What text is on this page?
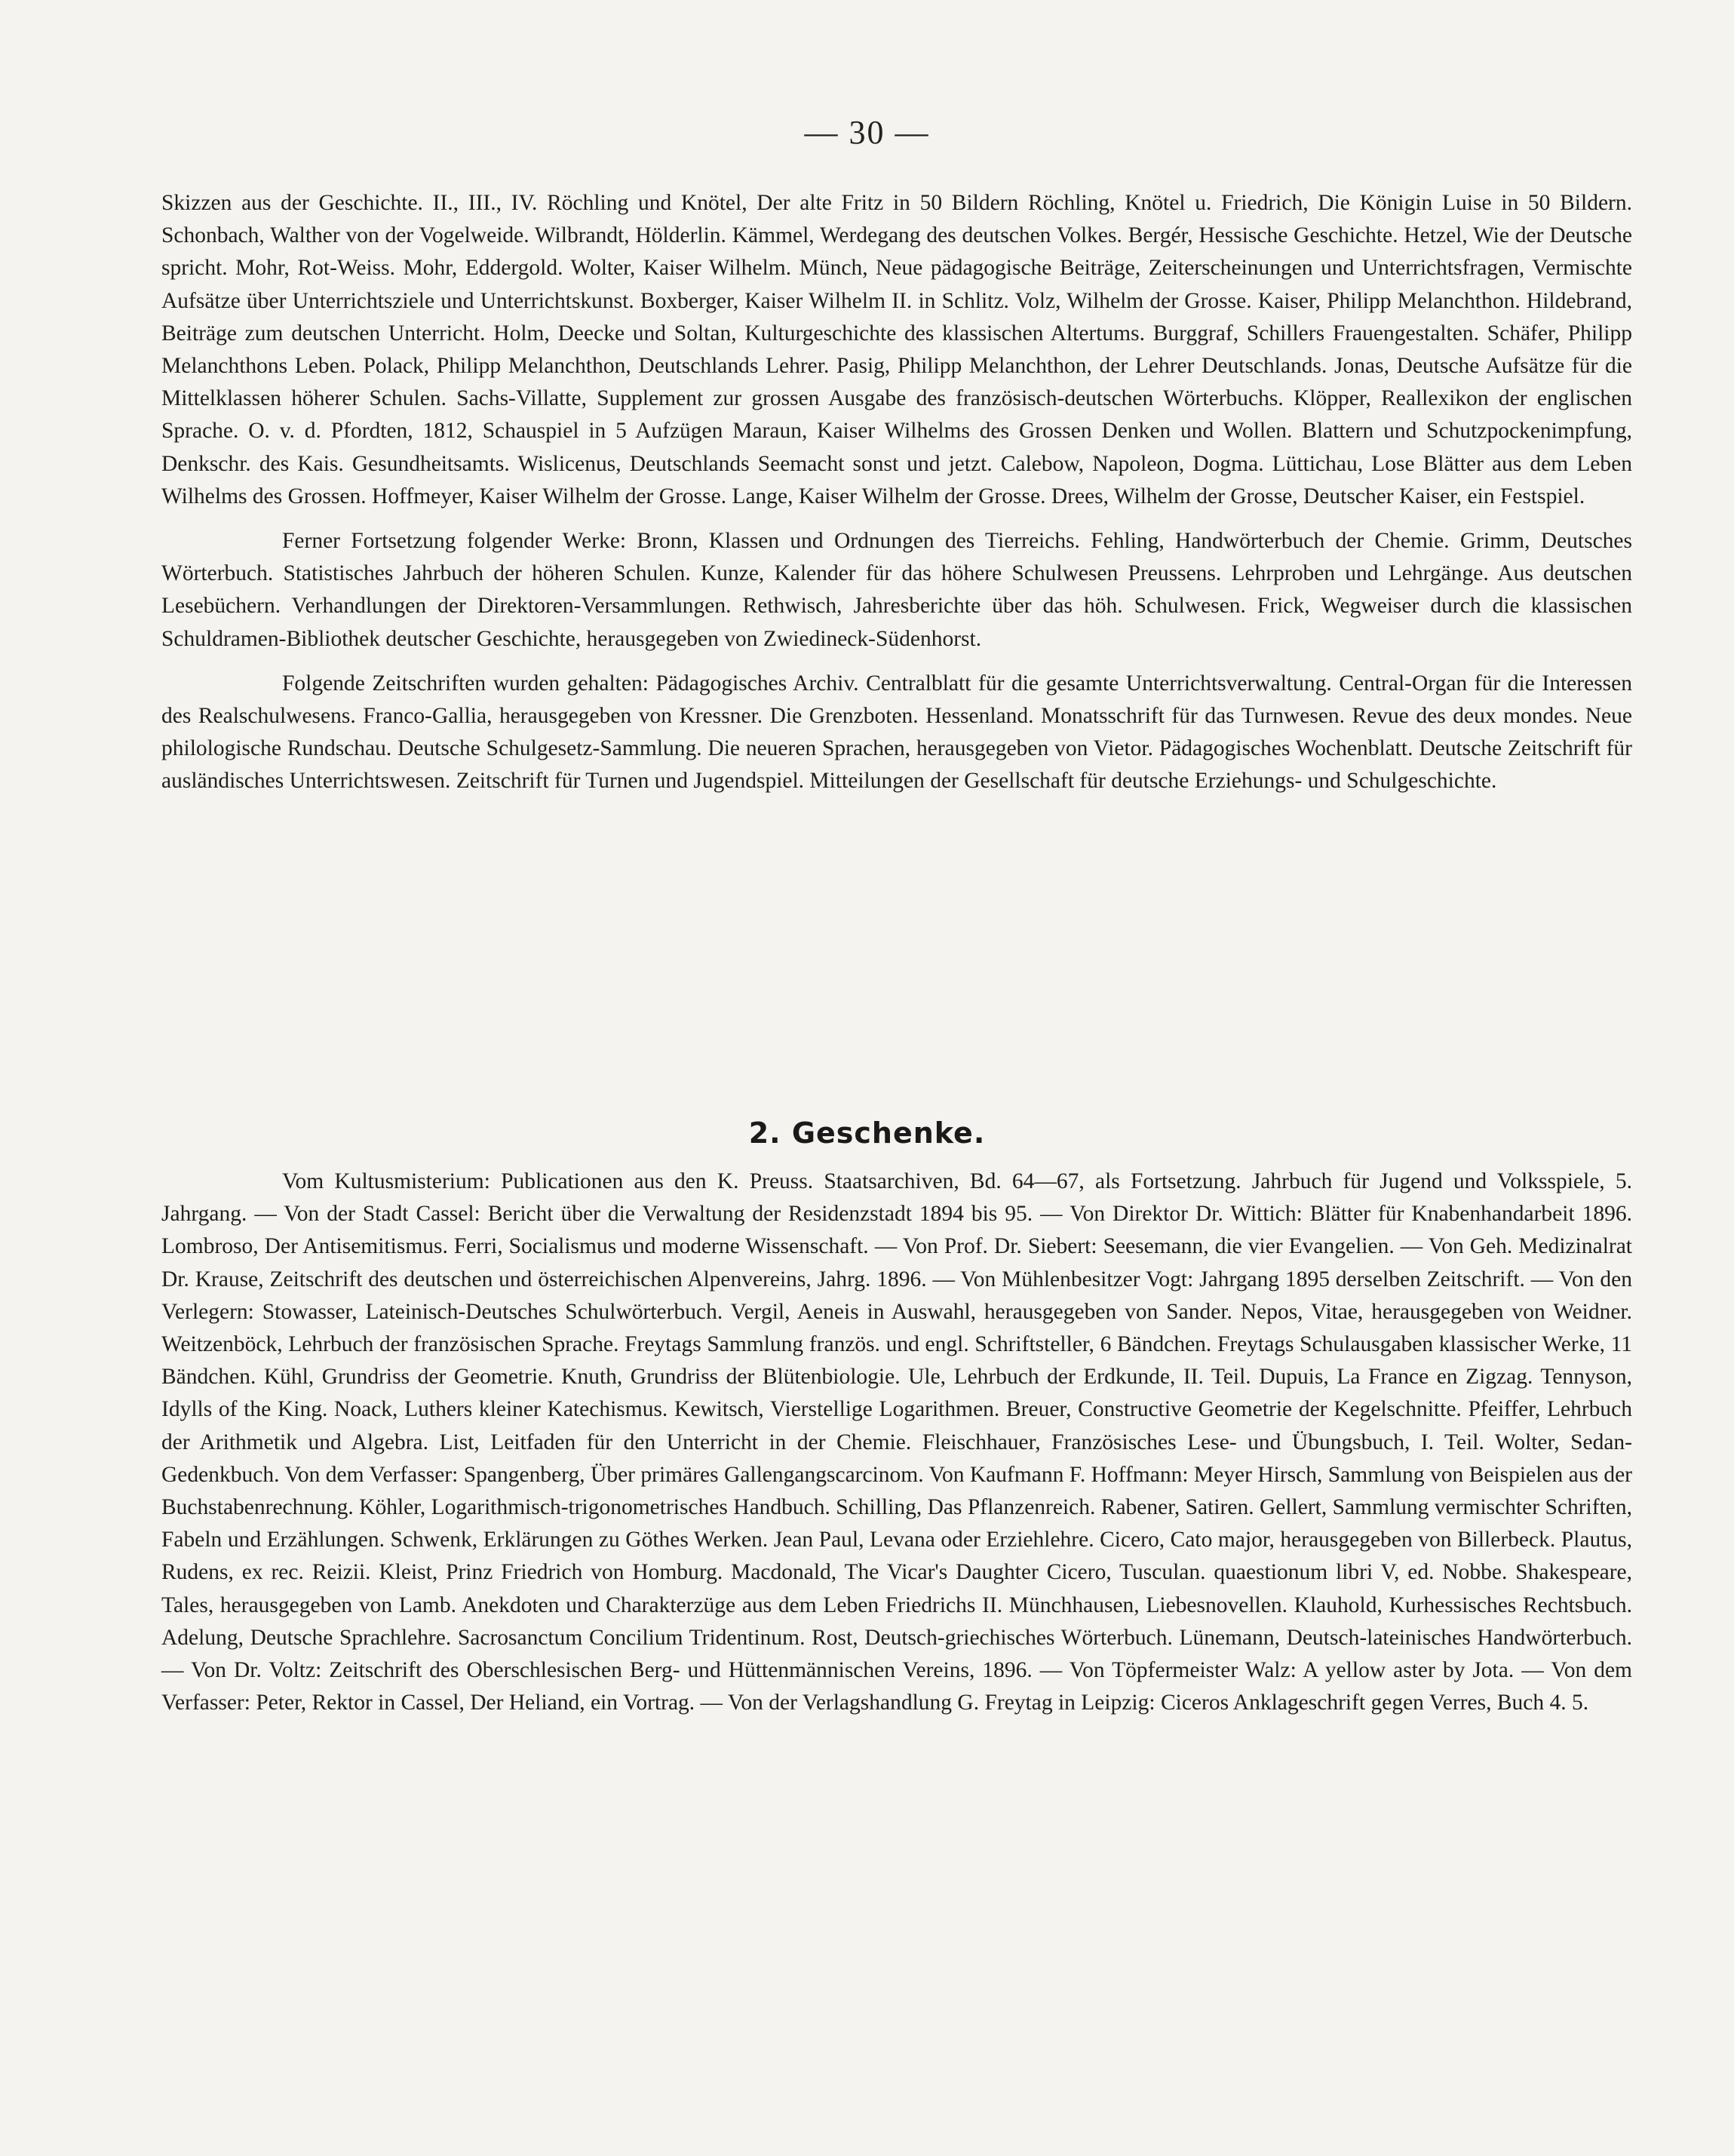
— 30 —

Skizzen aus der Geschichte. II., III., IV. Röchling und Knötel, Der alte Fritz in 50 Bildern Röchling, Knötel u. Friedrich, Die Königin Luise in 50 Bildern. Schonbach, Walther von der Vogelweide. Wilbrandt, Hölderlin. Kämmel, Werdegang des deutschen Volkes. Bergér, Hessische Geschichte. Hetzel, Wie der Deutsche spricht. Mohr, Rot-Weiss. Mohr, Eddergold. Wolter, Kaiser Wilhelm. Münch, Neue pädagogische Beiträge, Zeiterscheinungen und Unterrichtsfragen, Vermischte Aufsätze über Unterrichtsziele und Unterrichtskunst. Boxberger, Kaiser Wilhelm II. in Schlitz. Volz, Wilhelm der Grosse. Kaiser, Philipp Melanchthon. Hildebrand, Beiträge zum deutschen Unterricht. Holm, Deecke und Soltan, Kulturgeschichte des klassischen Altertums. Burggraf, Schillers Frauengestalten. Schäfer, Philipp Melanchthons Leben. Polack, Philipp Melanchthon, Deutschlands Lehrer. Pasig, Philipp Melanchthon, der Lehrer Deutschlands. Jonas, Deutsche Aufsätze für die Mittelklassen höherer Schulen. Sachs-Villatte, Supplement zur grossen Ausgabe des französisch-deutschen Wörterbuchs. Klöpper, Reallexikon der englischen Sprache. O. v. d. Pfordten, 1812, Schauspiel in 5 Aufzügen Maraun, Kaiser Wilhelms des Grossen Denken und Wollen. Blattern und Schutzpockenimpfung, Denkschr. des Kais. Gesundheitsamts. Wislicenus, Deutschlands Seemacht sonst und jetzt. Calebow, Napoleon, Dogma. Lüttichau, Lose Blätter aus dem Leben Wilhelms des Grossen. Hoffmeyer, Kaiser Wilhelm der Grosse. Lange, Kaiser Wilhelm der Grosse. Drees, Wilhelm der Grosse, Deutscher Kaiser, ein Festspiel.

Ferner Fortsetzung folgender Werke: Bronn, Klassen und Ordnungen des Tierreichs. Fehling, Handwörterbuch der Chemie. Grimm, Deutsches Wörterbuch. Statistisches Jahrbuch der höheren Schulen. Kunze, Kalender für das höhere Schulwesen Preussens. Lehrproben und Lehrgänge. Aus deutschen Lesebüchern. Verhandlungen der Direktoren-Versammlungen. Rethwisch, Jahresberichte über das höh. Schulwesen. Frick, Wegweiser durch die klassischen Schuldramen-Bibliothek deutscher Geschichte, herausgegeben von Zwiedineck-Südenhorst.

Folgende Zeitschriften wurden gehalten: Pädagogisches Archiv. Centralblatt für die gesamte Unterrichtsverwaltung. Central-Organ für die Interessen des Realschulwesens. Franco-Gallia, herausgegeben von Kressner. Die Grenzboten. Hessenland. Monatsschrift für das Turnwesen. Revue des deux mondes. Neue philologische Rundschau. Deutsche Schulgesetz-Sammlung. Die neueren Sprachen, herausgegeben von Vietor. Pädagogisches Wochenblatt. Deutsche Zeitschrift für ausländisches Unterrichtswesen. Zeitschrift für Turnen und Jugendspiel. Mitteilungen der Gesellschaft für deutsche Erziehungs- und Schulgeschichte.

2. Geschenke.

Vom Kultusmisterium: Publicationen aus den K. Preuss. Staatsarchiven, Bd. 64—67, als Fortsetzung. Jahrbuch für Jugend und Volksspiele, 5. Jahrgang. — Von der Stadt Cassel: Bericht über die Verwaltung der Residenzstadt 1894 bis 95. — Von Direktor Dr. Wittich: Blätter für Knabenhandarbeit 1896. Lombroso, Der Antisemitismus. Ferri, Socialismus und moderne Wissenschaft. — Von Prof. Dr. Siebert: Seesemann, die vier Evangelien. — Von Geh. Medizinalrat Dr. Krause, Zeitschrift des deutschen und österreichischen Alpenvereins, Jahrg. 1896. — Von Mühlenbesitzer Vogt: Jahrgang 1895 derselben Zeitschrift. — Von den Verlegern: Stowasser, Lateinisch-Deutsches Schulwörterbuch. Vergil, Aeneis in Auswahl, herausgegeben von Sander. Nepos, Vitae, herausgegeben von Weidner. Weitzenböck, Lehrbuch der französischen Sprache. Freytags Sammlung französ. und engl. Schriftsteller, 6 Bändchen. Freytags Schulausgaben klassischer Werke, 11 Bändchen. Kühl, Grundriss der Geometrie. Knuth, Grundriss der Blütenbiologie. Ule, Lehrbuch der Erdkunde, II. Teil. Dupuis, La France en Zigzag. Tennyson, Idylls of the King. Noack, Luthers kleiner Katechismus. Kewitsch, Vierstellige Logarithmen. Breuer, Constructive Geometrie der Kegelschnitte. Pfeiffer, Lehrbuch der Arithmetik und Algebra. List, Leitfaden für den Unterricht in der Chemie. Fleischhauer, Französisches Lese- und Übungsbuch, I. Teil. Wolter, Sedan-Gedenkbuch. Von dem Verfasser: Spangenberg, Über primäres Gallengangscarcinom. Von Kaufmann F. Hoffmann: Meyer Hirsch, Sammlung von Beispielen aus der Buchstabenrechnung. Köhler, Logarithmisch-trigonometrisches Handbuch. Schilling, Das Pflanzenreich. Rabener, Satiren. Gellert, Sammlung vermischter Schriften, Fabeln und Erzählungen. Schwenk, Erklärungen zu Göthes Werken. Jean Paul, Levana oder Erziehlehre. Cicero, Cato major, herausgegeben von Billerbeck. Plautus, Rudens, ex rec. Reizii. Kleist, Prinz Friedrich von Homburg. Macdonald, The Vicar's Daughter Cicero, Tusculan. quaestionum libri V, ed. Nobbe. Shakespeare, Tales, herausgegeben von Lamb. Anekdoten und Charakterzüge aus dem Leben Friedrichs II. Münchhausen, Liebesnovellen. Klauhold, Kurhessisches Rechtsbuch. Adelung, Deutsche Sprachlehre. Sacrosanctum Concilium Tridentinum. Rost, Deutsch-griechisches Wörterbuch. Lünemann, Deutsch-lateinisches Handwörterbuch. — Von Dr. Voltz: Zeitschrift des Oberschlesischen Berg- und Hüttenmännischen Vereins, 1896. — Von Töpfermeister Walz: A yellow aster by Jota. — Von dem Verfasser: Peter, Rektor in Cassel, Der Heliand, ein Vortrag. — Von der Verlagshandlung G. Freytag in Leipzig: Ciceros Anklageschrift gegen Verres, Buch 4. 5.
